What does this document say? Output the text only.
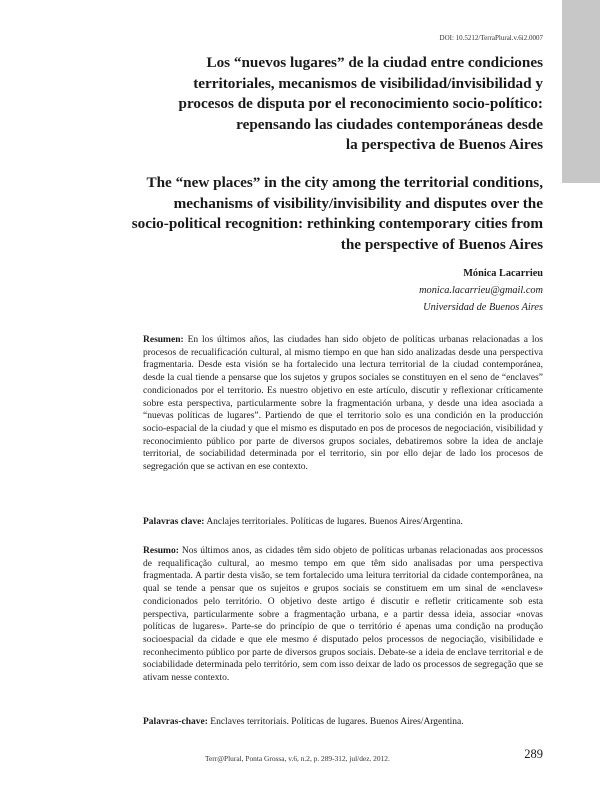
DOI: 10.5212/TerraPlural.v.6i2.0007
Los “nuevos lugares” de la ciudad entre condiciones
territoriales, mecanismos de visibilidad/invisibilidad y
procesos de disputa por el reconocimiento socio-político:
repensando las ciudades contemporáneas desde
la perspectiva de Buenos Aires
The “new places” in the city among the territorial conditions,
mechanisms of visibility/invisibility and disputes over the
socio-political recognition: rethinking contemporary cities from
the perspective of Buenos Aires
Mónica Lacarrieu
monica.lacarrieu@gmail.com
Universidad de Buenos Aires

Resumen: En los últimos años, las ciudades han sido objeto de políticas urbanas relacionadas a los procesos de recualificación cultural, al mismo tiempo en que han sido analizadas desde una perspectiva fragmentaria. Desde esta visión se ha fortalecido una lectura territorial de la ciudad contemporánea, desde la cual tiende a pensarse que los sujetos y grupos sociales se constituyen en el seno de “enclaves” condicionados por el territorio. Es nuestro objetivo en este artículo, discutir y reflexionar críticamente sobre esta perspectiva, particularmente sobre la fragmentación urbana, y desde una idea asociada a “nuevas políticas de lugares”. Partiendo de que el territorio solo es una condición en la producción socio-espacial de la ciudad y que el mismo es disputado en pos de procesos de negociación, visibilidad y reconocimiento público por parte de diversos grupos sociales, debatiremos sobre la idea de anclaje territorial, de sociabilidad determinada por el territorio, sin por ello dejar de lado los procesos de segregación que se activan en ese contexto.

Palavras clave: Anclajes territoriales. Políticas de lugares. Buenos Aires/Argentina.

Resumo: Nos últimos anos, as cidades têm sido objeto de políticas urbanas relacionadas aos processos de requalificação cultural, ao mesmo tempo em que têm sido analisadas por uma perspectiva fragmentada. A partir desta visão, se tem fortalecido uma leitura territorial da cidade contemporânea, na qual se tende a pensar que os sujeitos e grupos sociais se constituem em um sinal de «enclaves» condicionados pelo território. O objetivo deste artigo é discutir e refletir criticamente sob esta perspectiva, particularmente sobre a fragmentação urbana, e a partir dessa ideia, associar «novas políticas de lugares». Parte-se do princípio de que o território é apenas uma condição na produção socioespacial da cidade e que ele mesmo é disputado pelos processos de negociação, visibilidade e reconhecimento público por parte de diversos grupos sociais. Debate-se a ideia de enclave territorial e de sociabilidade determinada pelo território, sem com isso deixar de lado os processos de segregação que se ativam nesse contexto.

Palavras-chave: Enclaves territoriais. Políticas de lugares. Buenos Aires/Argentina.

Terr@Plural, Ponta Grossa, v.6, n.2, p. 289-312, jul/dez. 2012.	289
